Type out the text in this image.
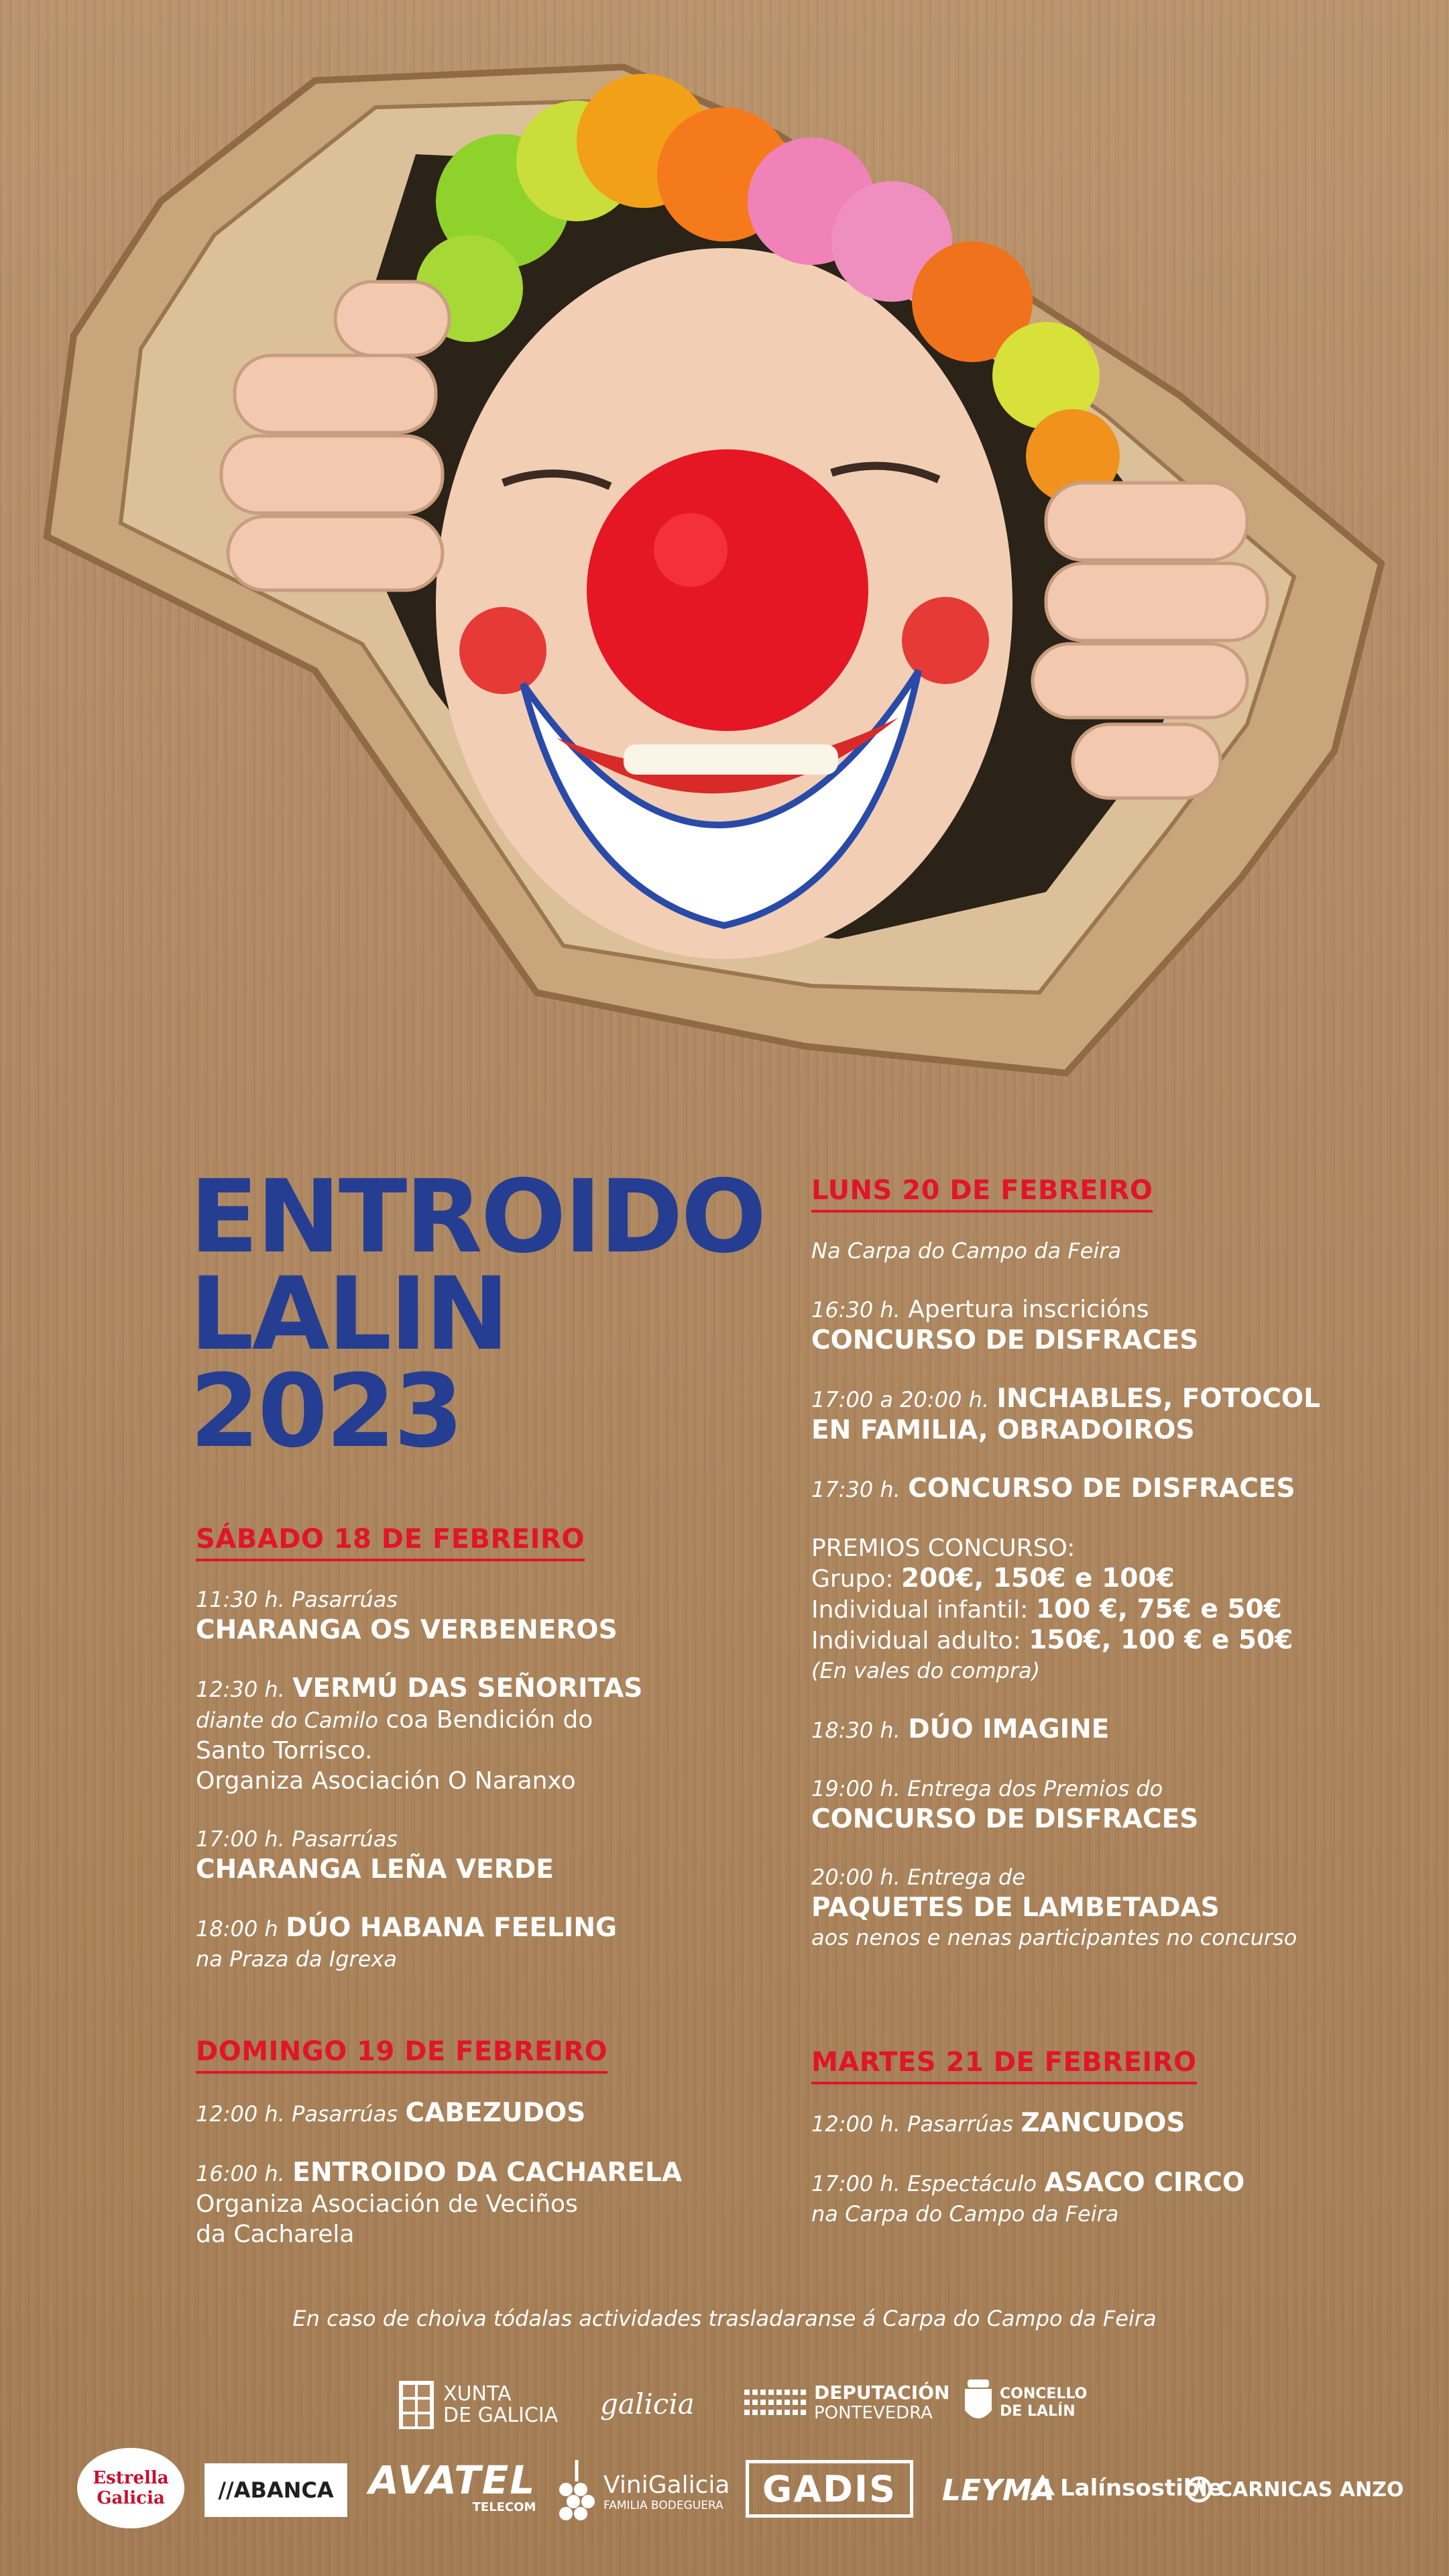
ENTROIDO
LALIN
2023
SÁBADO 18 DE FEBREIRO

11:30 h. Pasarrúas

CHARANGA OS VERBENEROS

12:30 h. VERMÚ DAS SEÑORITAS

diante do Camilo coa Bendición do

Santo Torrisco.

Organiza Asociación O Naranxo

17:00 h. Pasarrúas

CHARANGA LEÑA VERDE

18:00 h DÚO HABANA FEELING

na Praza da Igrexa

DOMINGO 19 DE FEBREIRO

12:00 h. Pasarrúas CABEZUDOS

16:00 h. ENTROIDO DA CACHARELA

Organiza Asociación de Veciños

da Cacharela

LUNS 20 DE FEBREIRO

Na Carpa do Campo da Feira

16:30 h. Apertura inscricións

CONCURSO DE DISFRACES

17:00 a 20:00 h. INCHABLES, FOTOCOL

EN FAMILIA, OBRADOIROS

17:30 h. CONCURSO DE DISFRACES

PREMIOS CONCURSO:

Grupo: 200€, 150€ e 100€

Individual infantil: 100 €, 75€ e 50€

Individual adulto: 150€, 100 € e 50€

(En vales do compra)

18:30 h. DÚO IMAGINE

19:00 h. Entrega dos Premios do

CONCURSO DE DISFRACES

20:00 h. Entrega de

PAQUETES DE LAMBETADAS

aos nenos e nenas participantes no concurso

MARTES 21 DE FEBREIRO

12:00 h. Pasarrúas ZANCUDOS

17:00 h. Espectáculo ASACO CIRCO

na Carpa do Campo da Feira

En caso de choiva tódalas actividades trasladaranse á Carpa do Campo da Feira
XUNTA
DE GALICIA galicia	DEPUTACIÓN
PONTEVEDRA
CONCELLO
DE LALÍN
Estrella
Galicia	//ABANCA AVATEL
TELECOM
ViniGalicia
FAMILIA BODEGUERA	GADIS	LEYMA Lalínsostible
CARNICAS ANZO
